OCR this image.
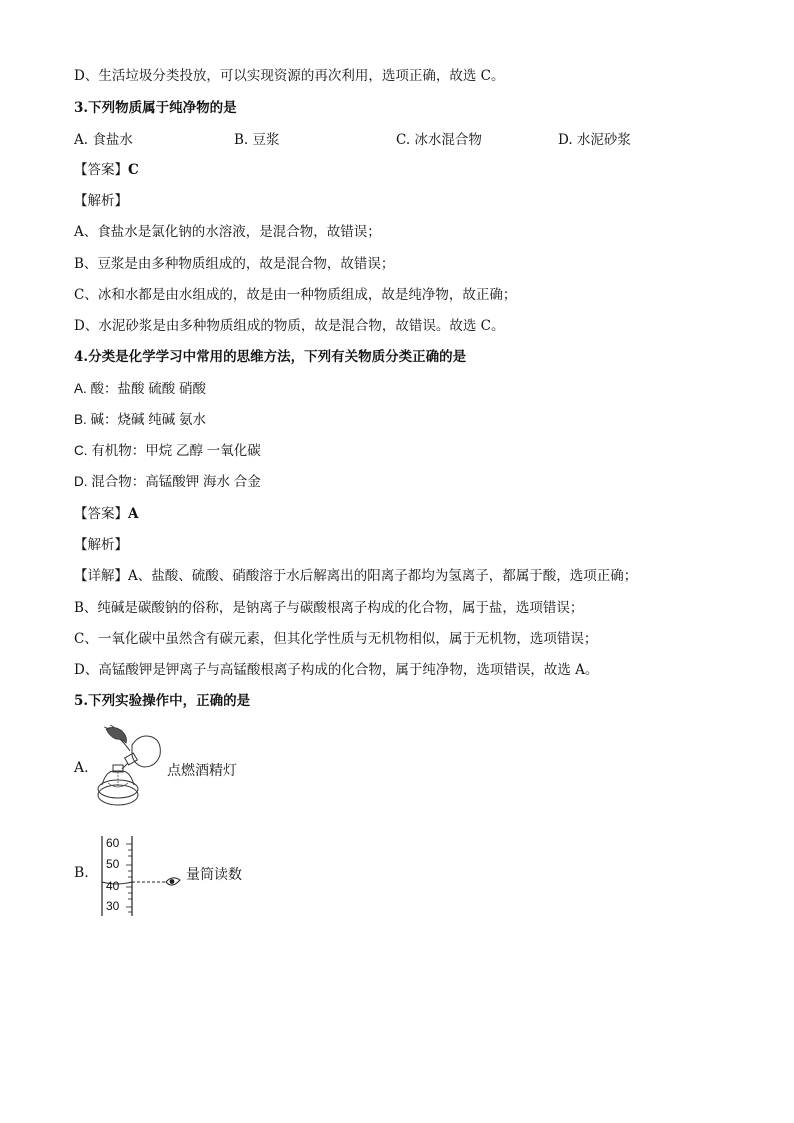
D、生活垃圾分类投放，可以实现资源的再次利用，选项正确，故选 C。
3.下列物质属于纯净物的是
A. 食盐水	B. 豆浆	C. 冰水混合物	D. 水泥砂浆
【答案】C
【解析】
A、食盐水是氯化钠的水溶液，是混合物，故错误；
B、豆浆是由多种物质组成的，故是混合物，故错误；
C、冰和水都是由水组成的，故是由一种物质组成，故是纯净物，故正确；
D、水泥砂浆是由多种物质组成的物质，故是混合物，故错误。故选 C。
4.分类是化学学习中常用的思维方法，下列有关物质分类正确的是
A. 酸：盐酸 硫酸 硝酸
B. 碱：烧碱 纯碱 氨水
C. 有机物：甲烷 乙醇 一氧化碳
D. 混合物：高锰酸钾 海水 合金
【答案】A
【解析】
【详解】A、盐酸、硫酸、硝酸溶于水后解离出的阳离子都均为氢离子，都属于酸，选项正确；
B、纯碱是碳酸钠的俗称，是钠离子与碳酸根离子构成的化合物，属于盐，选项错误；
C、一氧化碳中虽然含有碳元素，但其化学性质与无机物相似，属于无机物，选项错误；
D、高锰酸钾是钾离子与高锰酸根离子构成的化合物，属于纯净物，选项错误，故选 A。
5.下列实验操作中，正确的是
A.	点燃酒精灯
B.
60
50
40
30
量筒读数
